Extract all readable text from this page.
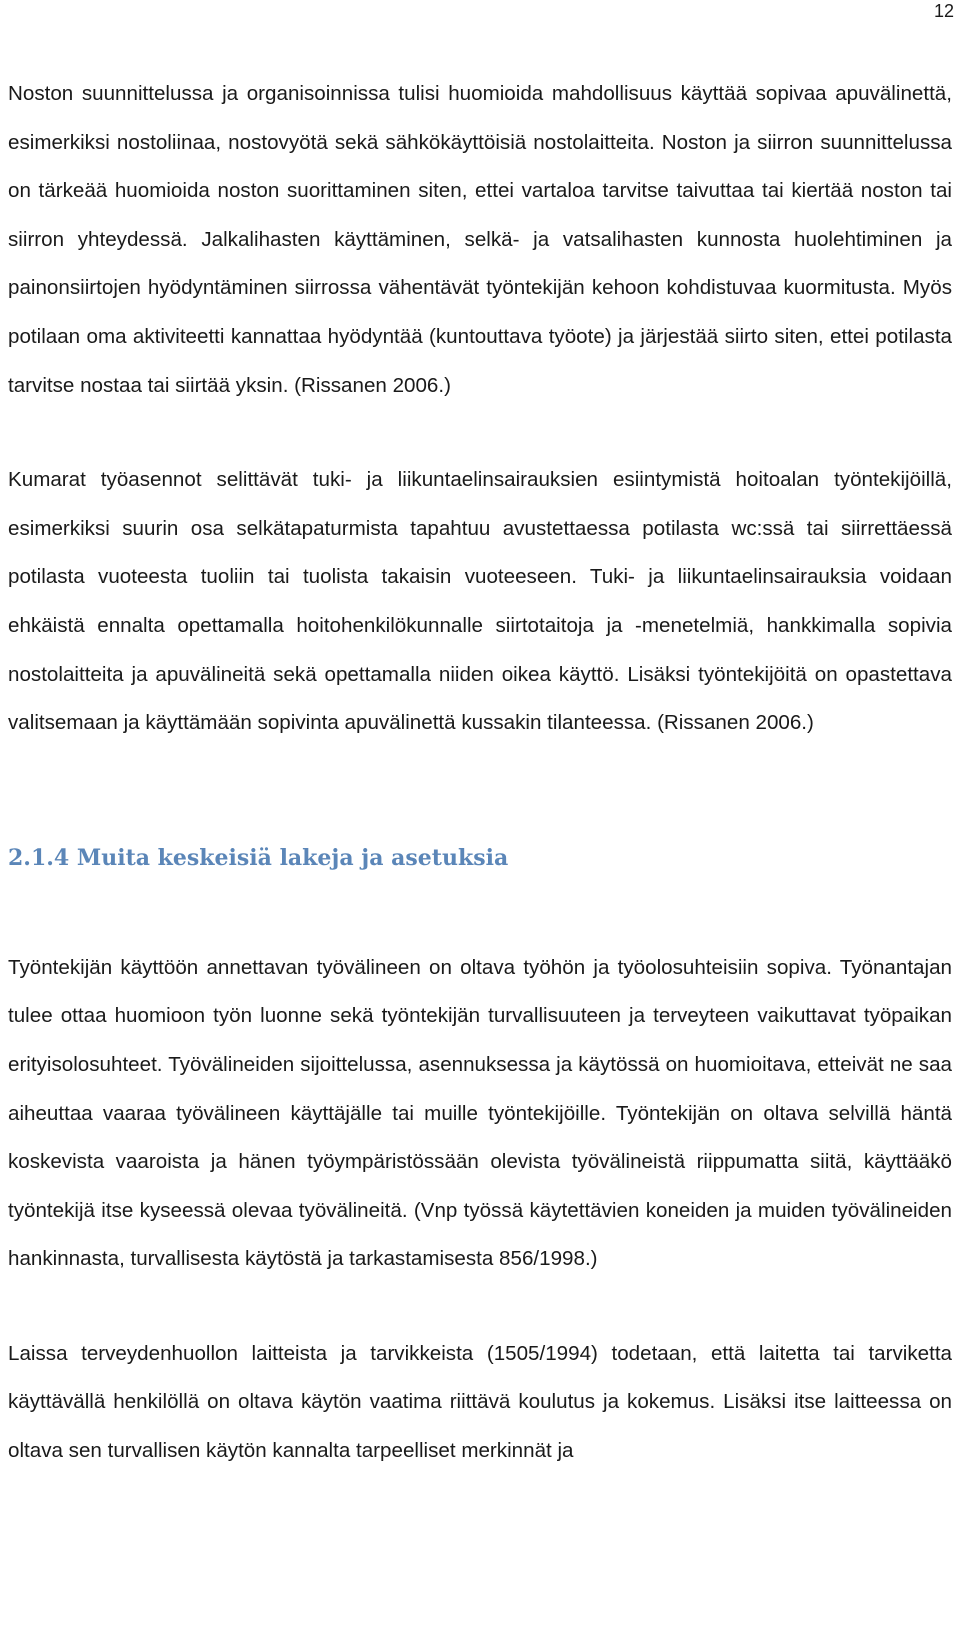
12

Noston suunnittelussa ja organisoinnissa tulisi huomioida mahdollisuus käyttää sopivaa apuvälinettä, esimerkiksi nostoliinaa, nostovyötä sekä sähkökäyttöisiä nostolaitteita. Noston ja siirron suunnittelussa on tärkeää huomioida noston suorittaminen siten, ettei vartaloa tarvitse taivuttaa tai kiertää noston tai siirron yhteydessä. Jalkalihasten käyttäminen, selkä- ja vatsalihasten kunnosta huolehtiminen ja painonsiirtojen hyödyntäminen siirrossa vähentävät työntekijän kehoon kohdistuvaa kuormitusta. Myös potilaan oma aktiviteetti kannattaa hyödyntää (kuntouttava työote) ja järjestää siirto siten, ettei potilasta tarvitse nostaa tai siirtää yksin. (Rissanen 2006.)

Kumarat työasennot selittävät tuki- ja liikuntaelinsairauksien esiintymistä hoitoalan työntekijöillä, esimerkiksi suurin osa selkätapaturmista tapahtuu avustettaessa potilasta wc:ssä tai siirrettäessä potilasta vuoteesta tuoliin tai tuolista takaisin vuoteeseen. Tuki- ja liikuntaelinsairauksia voidaan ehkäistä ennalta opettamalla hoitohenkilökunnalle siirtotaitoja ja -menetelmiä, hankkimalla sopivia nostolaitteita ja apuvälineitä sekä opettamalla niiden oikea käyttö. Lisäksi työntekijöitä on opastettava valitsemaan ja käyttämään sopivinta apuvälinettä kussakin tilanteessa. (Rissanen 2006.)

2.1.4 Muita keskeisiä lakeja ja asetuksia

Työntekijän käyttöön annettavan työvälineen on oltava työhön ja työolosuhteisiin sopiva. Työnantajan tulee ottaa huomioon työn luonne sekä työntekijän turvallisuuteen ja terveyteen vaikuttavat työpaikan erityisolosuhteet. Työvälineiden sijoittelussa, asennuksessa ja käytössä on huomioitava, etteivät ne saa aiheuttaa vaaraa työvälineen käyttäjälle tai muille työntekijöille. Työntekijän on oltava selvillä häntä koskevista vaaroista ja hänen työympäristössään olevista työvälineistä riippumatta siitä, käyttääkö työntekijä itse kyseessä olevaa työvälineitä. (Vnp työssä käytettävien koneiden ja muiden työvälineiden hankinnasta, turvallisesta käytöstä ja tarkastamisesta 856/1998.)

Laissa terveydenhuollon laitteista ja tarvikkeista (1505/1994) todetaan, että laitetta tai tarviketta käyttävällä henkilöllä on oltava käytön vaatima riittävä koulutus ja kokemus. Lisäksi itse laitteessa on oltava sen turvallisen käytön kannalta tarpeelliset merkinnät ja
